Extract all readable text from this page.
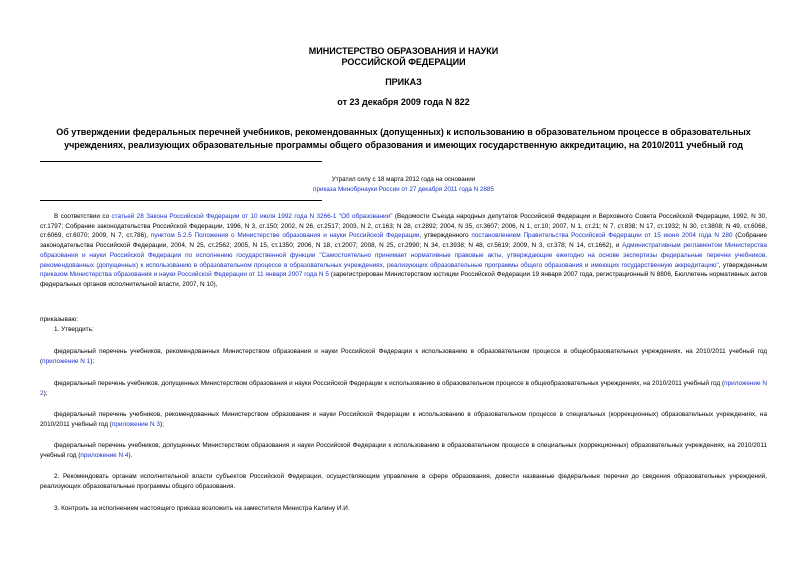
МИНИСТЕРСТВО ОБРАЗОВАНИЯ И НАУКИ
РОССИЙСКОЙ ФЕДЕРАЦИИ
ПРИКАЗ
от 23 декабря 2009 года N 822
Об утверждении федеральных перечней учебников, рекомендованных (допущенных) к использованию в образовательном процессе в образовательных учреждениях, реализующих образовательные программы общего образования и имеющих государственную аккредитацию, на 2010/2011 учебный год
Утратил силу с 18 марта 2012 года на основании
приказа Минобрнауки России от 27 декабря 2011 года N 2885
В соответствии со статьей 28 Закона Российской Федерации от 10 июля 1992 года N 3266-1 "Об образовании" (Ведомости Съезда народных депутатов Российской Федерации и Верховного Совета Российской Федерации, 1992, N 30, ст.1797; Собрание законодательства Российской Федерации, 1996, N 3, ст.150; 2002, N 26, ст.2517; 2003, N 2, ст.163; N 28, ст.2892; 2004, N 35, ст.3607; 2006, N 1, ст.10; 2007, N 1, ст.21; N 7, ст.838; N 17, ст.1932; N 30, ст.3808; N 49, ст.6068, ст.6069, ст.6070; 2009, N 7, ст.786), пунктом 5.2.5 Положения о Министерстве образования и науки Российской Федерации, утвержденного постановлением Правительства Российской Федерации от 15 июня 2004 года N 280 (Собрание законодательства Российской Федерации, 2004, N 25, ст.2562; 2005, N 15, ст.1350; 2006, N 18, ст.2007; 2008, N 25, ст.2990; N 34, ст.3938; N 48, ст.5619; 2009, N 3, ст.378; N 14, ст.1662), и Административным регламентом Министерства образования и науки Российской Федерации по исполнению государственной функции "Самостоятельно принимает нормативные правовые акты, утверждающие ежегодно на основе экспертизы федеральные перечни учебников, рекомендованных (допущенных) к использованию в образовательном процессе в образовательных учреждениях, реализующих образовательные программы общего образования и имеющих государственную аккредитацию", утвержденным приказом Министерства образования и науки Российской Федерации от 11 января 2007 года N 5 (зарегистрирован Министерством юстиции Российской Федерации 19 января 2007 года, регистрационный N 8806, Бюллетень нормативных актов федеральных органов исполнительной власти, 2007, N 10),
приказываю:
1. Утвердить:
федеральный перечень учебников, рекомендованных Министерством образования и науки Российской Федерации к использованию в образовательном процессе в общеобразовательных учреждениях, на 2010/2011 учебный год (приложение N 1);
федеральный перечень учебников, допущенных Министерством образования и науки Российской Федерации к использованию в образовательном процессе в общеобразовательных учреждениях, на 2010/2011 учебный год (приложение N 2);
федеральный перечень учебников, рекомендованных Министерством образования и науки Российской Федерации к использованию в образовательном процессе в специальных (коррекционных) образовательных учреждениях, на 2010/2011 учебный год (приложение N 3);
федеральный перечень учебников, допущенных Министерством образования и науки Российской Федерации к использованию в образовательном процессе в специальных (коррекционных) образовательных учреждениях, на 2010/2011 учебный год (приложение N 4).
2. Рекомендовать органам исполнительной власти субъектов Российской Федерации, осуществляющим управление в сфере образования, довести названные федеральные перечни до сведения образовательных учреждений, реализующих образовательные программы общего образования.
3. Контроль за исполнением настоящего приказа возложить на заместителя Министра Калину И.И.
